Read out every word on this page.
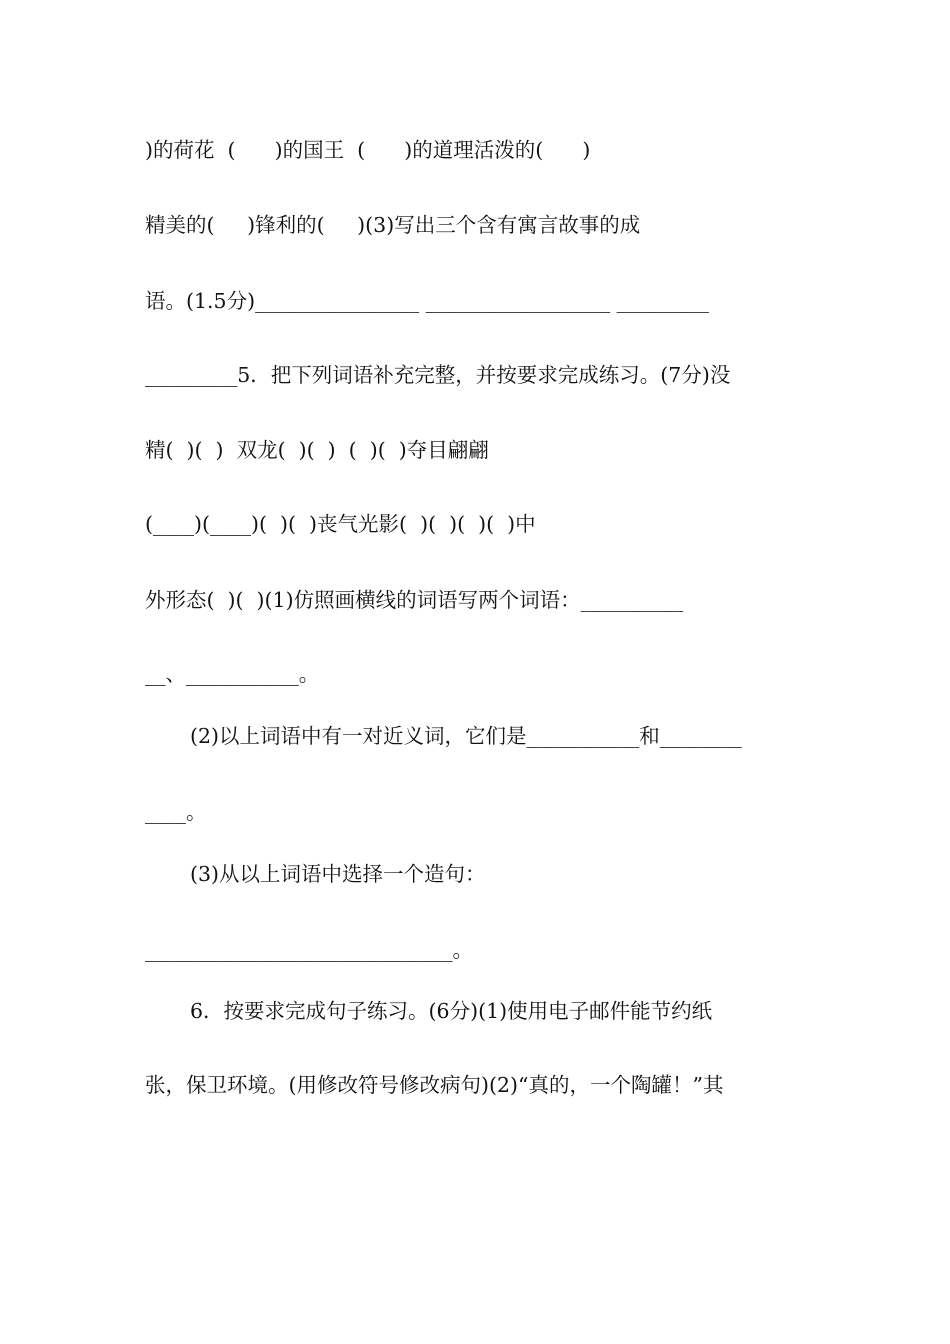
)的荷花  (      )的国王  (      )的道理活泼的(      )
精美的(     )锋利的(     )(3)写出三个含有寓言故事的成
语。(1.5分)________________ __________________ _________
_________5．把下列词语补充完整，并按要求完成练习。(7分)没
精(  )(  )  双龙(  )(  )  (  )(  )夺目翩翩
(____)(____)(  )(  )丧气光影(  )(  )(  )(  )中
外形态(  )(  )(1)仿照画横线的词语写两个词语：__________
__、___________。
(2)以上词语中有一对近义词，它们是___________和________
____。
(3)从以上词语中选择一个造句：
______________________________。
6．按要求完成句子练习。(6分)(1)使用电子邮件能节约纸
张，保卫环境。(用修改符号修改病句)(2)“真的，一个陶罐！”其
